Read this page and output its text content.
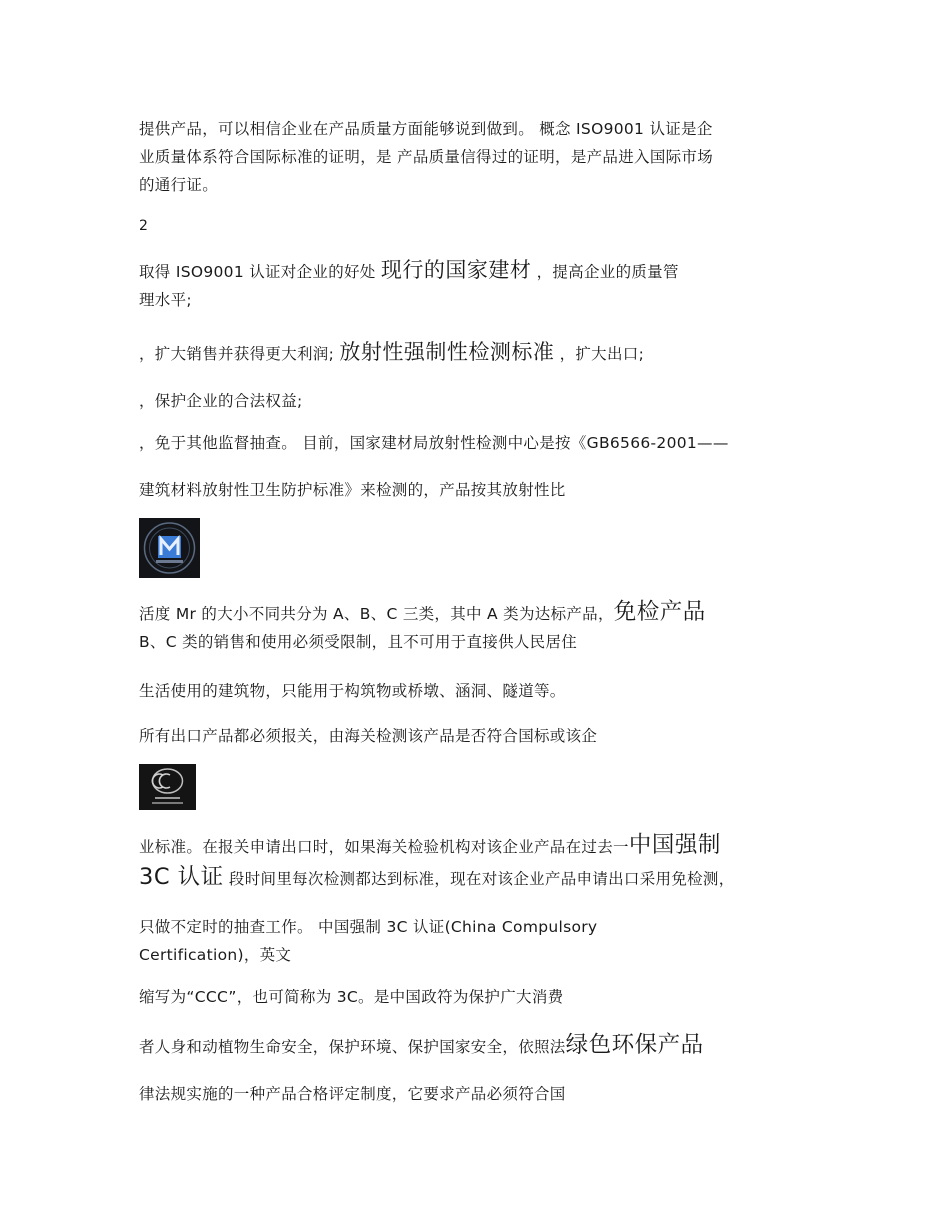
提供产品，可以相信企业在产品质量方面能够说到做到。 概念 ISO9001 认证是企
业质量体系符合国际标准的证明，是 产品质量信得过的证明，是产品进入国际市场
的通行证。
2
取得 ISO9001 认证对企业的好处 现行的国家建材 ，提高企业的质量管
理水平;
，扩大销售并获得更大利润; 放射性强制性检测标准 ，扩大出口;
，保护企业的合法权益;
，免于其他监督抽查。 目前，国家建材局放射性检测中心是按《GB6566-2001——
建筑材料放射性卫生防护标准》来检测的，产品按其放射性比
活度 Mr 的大小不同共分为 A、B、C 三类，其中 A 类为达标产品，免检产品
B、C 类的销售和使用必须受限制，且不可用于直接供人民居住
生活使用的建筑物，只能用于构筑物或桥墩、涵洞、隧道等。
所有出口产品都必须报关，由海关检测该产品是否符合国标或该企
业标准。在报关申请出口时，如果海关检验机构对该企业产品在过去一中国强制
3C 认证 段时间里每次检测都达到标准，现在对该企业产品申请出口采用免检测，
只做不定时的抽查工作。 中国强制 3C 认证(China Compulsory
Certification)，英文
缩写为“CCC”，也可简称为 3C。是中国政符为保护广大消费
者人身和动植物生命安全，保护环境、保护国家安全，依照法绿色环保产品
律法规实施的一种产品合格评定制度，它要求产品必须符合国
